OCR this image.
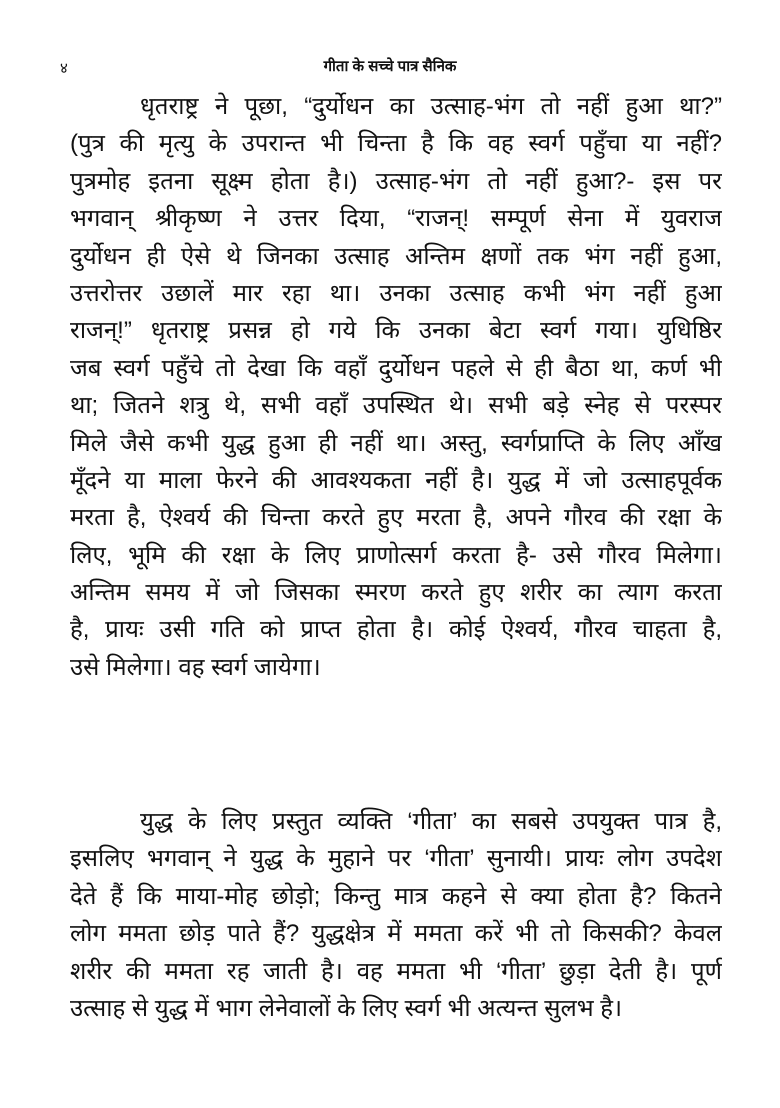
४	गीता के सच्चे पात्र सैनिक
धृतराष्ट्र ने पूछा, “दुर्योधन का उत्साह-भंग तो नहीं हुआ था?”
(पुत्र की मृत्यु के उपरान्त भी चिन्ता है कि वह स्वर्ग पहुँचा या नहीं?
पुत्रमोह इतना सूक्ष्म होता है।) उत्साह-भंग तो नहीं हुआ?- इस पर
भगवान् श्रीकृष्ण ने उत्तर दिया, “राजन्! सम्पूर्ण सेना में युवराज
दुर्योधन ही ऐसे थे जिनका उत्साह अन्तिम क्षणों तक भंग नहीं हुआ,
उत्तरोत्तर उछालें मार रहा था। उनका उत्साह कभी भंग नहीं हुआ
राजन्!” धृतराष्ट्र प्रसन्न हो गये कि उनका बेटा स्वर्ग गया। युधिष्ठिर
जब स्वर्ग पहुँचे तो देखा कि वहाँ दुर्योधन पहले से ही बैठा था, कर्ण भी
था; जितने शत्रु थे, सभी वहाँ उपस्थित थे। सभी बड़े स्नेह से परस्पर
मिले जैसे कभी युद्ध हुआ ही नहीं था। अस्तु, स्वर्गप्राप्ति के लिए आँख
मूँदने या माला फेरने की आवश्यकता नहीं है। युद्ध में जो उत्साहपूर्वक
मरता है, ऐश्वर्य की चिन्ता करते हुए मरता है, अपने गौरव की रक्षा के
लिए, भूमि की रक्षा के लिए प्राणोत्सर्ग करता है- उसे गौरव मिलेगा।
अन्तिम समय में जो जिसका स्मरण करते हुए शरीर का त्याग करता
है, प्रायः उसी गति को प्राप्त होता है। कोई ऐश्वर्य, गौरव चाहता है,
उसे मिलेगा। वह स्वर्ग जायेगा।
युद्ध के लिए प्रस्तुत व्यक्ति ‘गीता’ का सबसे उपयुक्त पात्र है,
इसलिए भगवान् ने युद्ध के मुहाने पर ‘गीता’ सुनायी। प्रायः लोग उपदेश
देते हैं कि माया-मोह छोड़ो; किन्तु मात्र कहने से क्या होता है? कितने
लोग ममता छोड़ पाते हैं? युद्धक्षेत्र में ममता करें भी तो किसकी? केवल
शरीर की ममता रह जाती है। वह ममता भी ‘गीता’ छुड़ा देती है। पूर्ण
उत्साह से युद्ध में भाग लेनेवालों के लिए स्वर्ग भी अत्यन्त सुलभ है।
